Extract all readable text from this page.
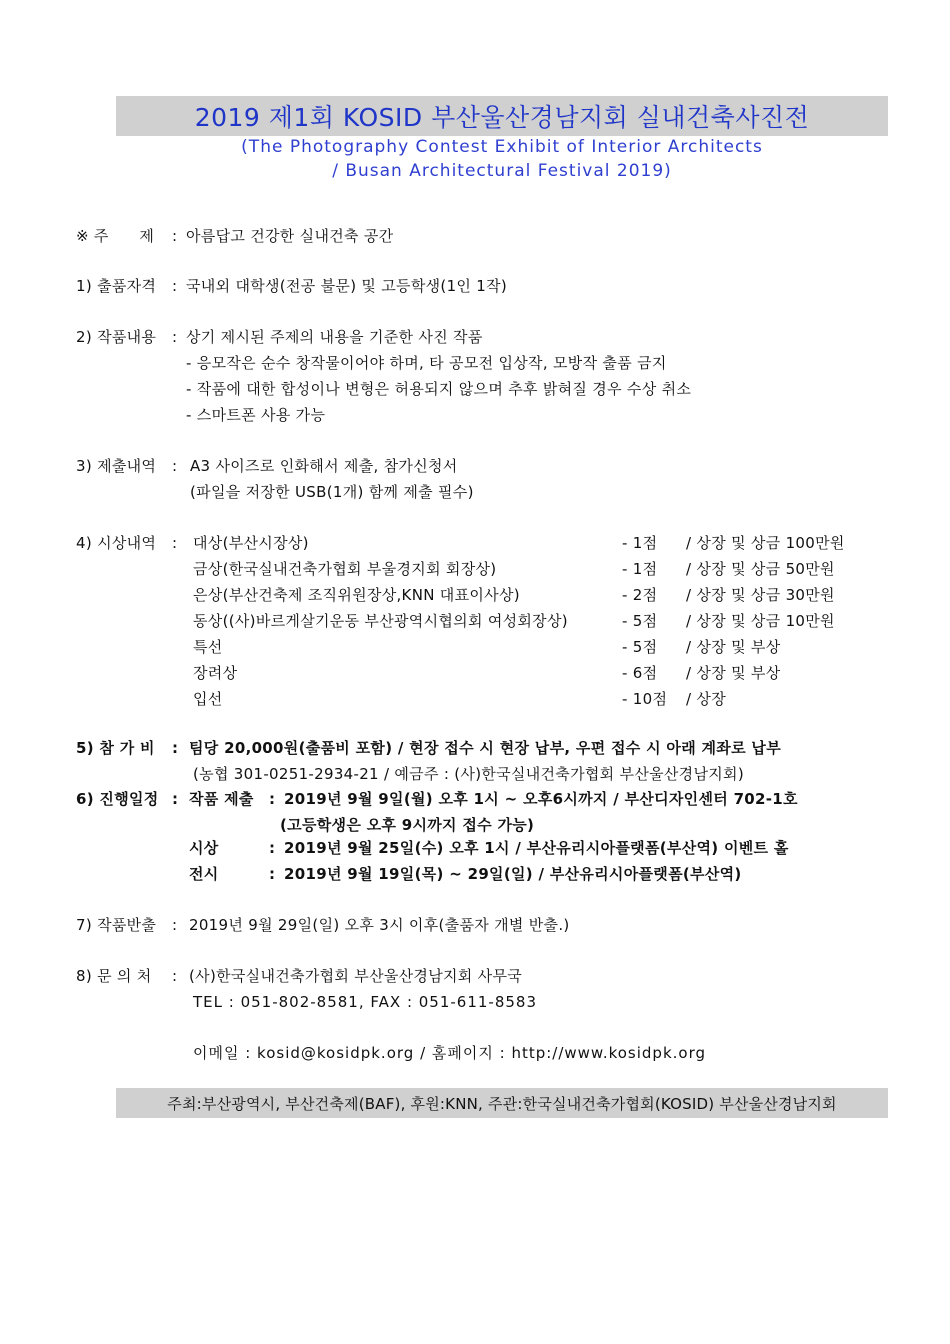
2019 제1회 KOSID 부산울산경남지회 실내건축사진전
(The Photography Contest Exhibit of Interior Architects
/ Busan Architectural Festival 2019)
※ 주　　제 : 아름답고 건강한 실내건축 공간
1) 출품자격 : 국내외 대학생(전공 불문) 및 고등학생(1인 1작)
2) 작품내용 : 상기 제시된 주제의 내용을 기준한 사진 작품
- 응모작은 순수 창작물이어야 하며, 타 공모전 입상작, 모방작 출품 금지
- 작품에 대한 합성이나 변형은 허용되지 않으며 추후 밝혀질 경우 수상 취소
- 스마트폰 사용 가능
3) 제출내역 : A3 사이즈로 인화해서 제출, 참가신청서
(파일을 저장한 USB(1개) 함께 제출 필수)
4) 시상내역 : 대상(부산시장상)	- 1점 / 상장 및 상금 100만원
금상(한국실내건축가협회 부울경지회 회장상)	- 1점 / 상장 및 상금 50만원
은상(부산건축제 조직위원장상,KNN 대표이사상)	- 2점 / 상장 및 상금 30만원
동상((사)바르게살기운동 부산광역시협의회 여성회장상)	- 5점 / 상장 및 상금 10만원
특선	- 5점 / 상장 및 부상
장려상	- 6점 / 상장 및 부상
입선	- 10점 / 상장
5) 참 가 비 : 팀당 20,000원(출품비 포함) / 현장 접수 시 현장 납부, 우편 접수 시 아래 계좌로 납부
(농협 301-0251-2934-21 / 예금주 : (사)한국실내건축가협회 부산울산경남지회)
6) 진행일정 : 작품 제출 : 2019년 9월 9일(월) 오후 1시 ~ 오후6시까지 / 부산디자인센터 702-1호
(고등학생은 오후 9시까지 접수 가능)
시상	: 2019년 9월 25일(수) 오후 1시 / 부산유리시아플랫폼(부산역) 이벤트 홀
전시	: 2019년 9월 19일(목) ~ 29일(일) / 부산유리시아플랫폼(부산역)
7) 작품반출 : 2019년 9월 29일(일) 오후 3시 이후(출품자 개별 반출.)
8) 문 의 처 : (사)한국실내건축가협회 부산울산경남지회 사무국
TEL : 051-802-8581, FAX : 051-611-8583
이메일 : kosid@kosidpk.org / 홈페이지 : http://www.kosidpk.org
주최:부산광역시, 부산건축제(BAF), 후원:KNN, 주관:한국실내건축가협회(KOSID) 부산울산경남지회
